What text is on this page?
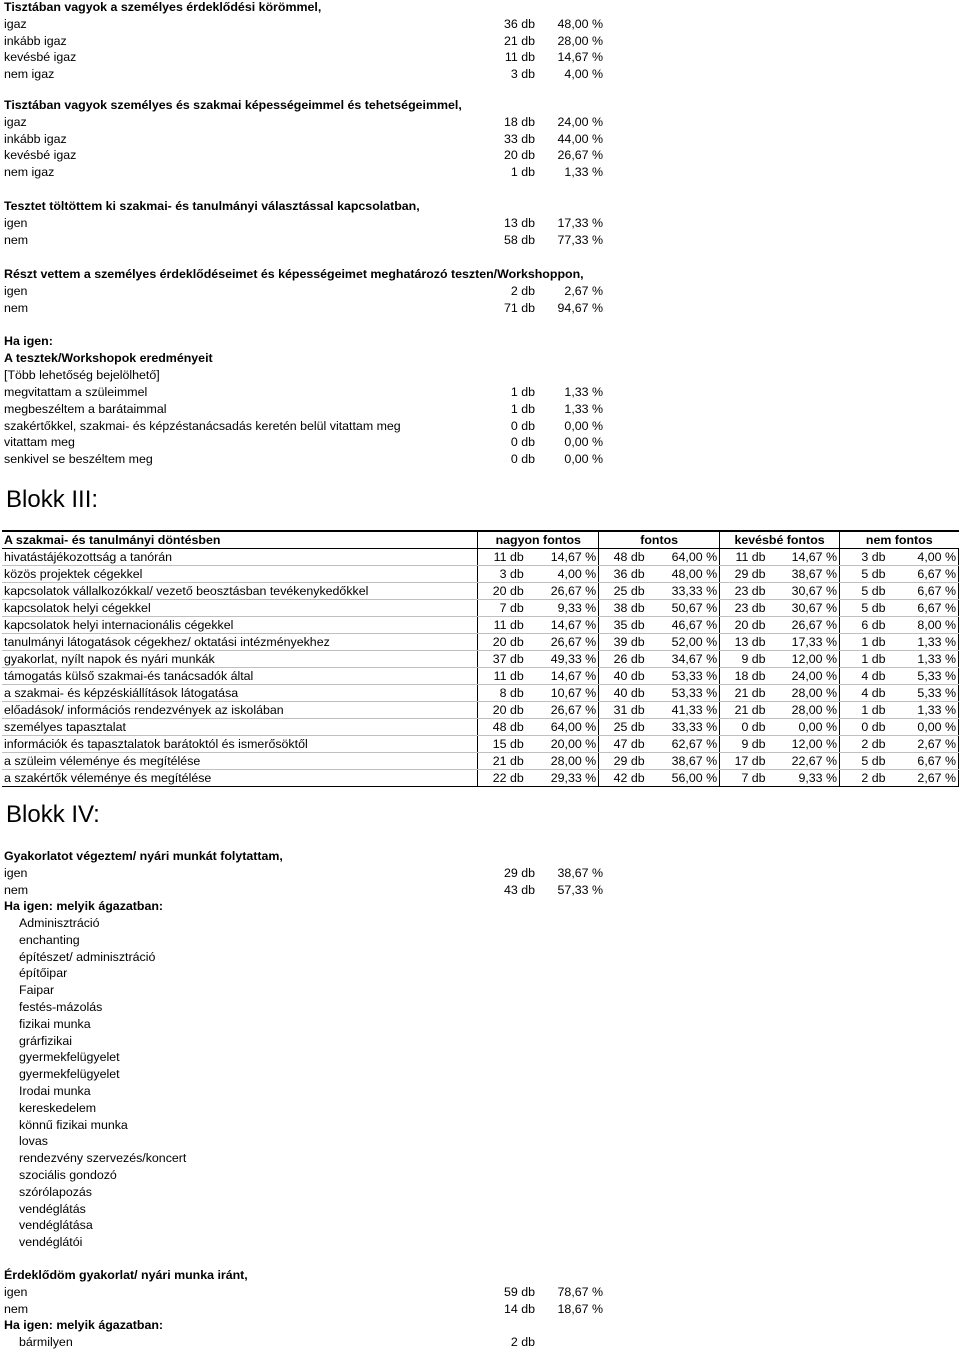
Tisztában vagyok a személyes érdeklődési körömmel,
igaz	36 db 48,00 %
inkább igaz	21 db 28,00 %
kevésbé igaz	11 db 14,67 %
nem igaz	3 db 4,00 %
Tisztában vagyok személyes és szakmai képességeimmel és tehetségeimmel,
igaz	18 db 24,00 %
inkább igaz	33 db 44,00 %
kevésbé igaz	20 db 26,67 %
nem igaz	1 db 1,33 %
Tesztet töltöttem ki szakmai- és tanulmányi választással kapcsolatban,
igen	13 db 17,33 %
nem	58 db 77,33 %
Részt vettem a személyes érdeklődéseimet és képességeimet meghatározó teszten/Workshoppon,
igen	2 db 2,67 %
nem	71 db 94,67 %
Ha igen:
A tesztek/Workshopok eredményeit
[Több lehetőség bejelölhető]
megvitattam a szüleimmel	1 db 1,33 %
megbeszéltem a barátaimmal	1 db 1,33 %
szakértőkkel, szakmai- és képzéstanácsadás keretén belül vitattam meg	0 db 0,00 %
vitattam meg	0 db 0,00 %
senkivel se beszéltem meg	0 db 0,00 %
Blokk III:
A szakmai- és tanulmányi döntésben	nagyon fontos		fontos		kevésbé fontos		nem fontos	
hivatástájékozottság a tanórán	11 db	14,67 %	48 db	64,00 %	11 db	14,67 %	3 db	4,00 %
közös projektek cégekkel	3 db	4,00 %	36 db	48,00 %	29 db	38,67 %	5 db	6,67 %
kapcsolatok vállalkozókkal/ vezető beosztásban tevékenykedőkkel	20 db	26,67 %	25 db	33,33 %	23 db	30,67 %	5 db	6,67 %
kapcsolatok helyi cégekkel	7 db	9,33 %	38 db	50,67 %	23 db	30,67 %	5 db	6,67 %
kapcsolatok helyi internacionális cégekkel	11 db	14,67 %	35 db	46,67 %	20 db	26,67 %	6 db	8,00 %
tanulmányi látogatások cégekhez/ oktatási intézményekhez	20 db	26,67 %	39 db	52,00 %	13 db	17,33 %	1 db	1,33 %
gyakorlat, nyílt napok és nyári munkák	37 db	49,33 %	26 db	34,67 %	9 db	12,00 %	1 db	1,33 %
támogatás külső szakmai-és tanácsadók által	11 db	14,67 %	40 db	53,33 %	18 db	24,00 %	4 db	5,33 %
a szakmai- és képzéskiállítások látogatása	8 db	10,67 %	40 db	53,33 %	21 db	28,00 %	4 db	5,33 %
előadások/ információs rendezvények az iskolában	20 db	26,67 %	31 db	41,33 %	21 db	28,00 %	1 db	1,33 %
személyes tapasztalat	48 db	64,00 %	25 db	33,33 %	0 db	0,00 %	0 db	0,00 %
információk és tapasztalatok barátoktól és ismerősöktől	15 db	20,00 %	47 db	62,67 %	9 db	12,00 %	2 db	2,67 %
a szüleim véleménye és megítélése	21 db	28,00 %	29 db	38,67 %	17 db	22,67 %	5 db	6,67 %
a szakértők véleménye és megítélése	22 db	29,33 %	42 db	56,00 %	7 db	9,33 %	2 db	2,67 %
Blokk IV:
Gyakorlatot végeztem/ nyári munkát folytattam,
igen	29 db 38,67 %
nem	43 db 57,33 %
Ha igen: melyik ágazatban:
Adminisztráció
enchanting
építészet/ adminisztráció
építőipar
Faipar
festés-mázolás
fizikai munka
grárfizikai
gyermekfelügyelet
gyermekfelügyelet
Irodai munka
kereskedelem
könnű fizikai munka
lovas
rendezvény szervezés/koncert
szociális gondozó
szórólapozás
vendéglátás
vendéglátása
vendéglátói
Érdeklődöm gyakorlat/ nyári munka iránt,
igen	59 db 78,67 %
nem	14 db 18,67 %
Ha igen: melyik ágazatban:
bármilyen	2 db
